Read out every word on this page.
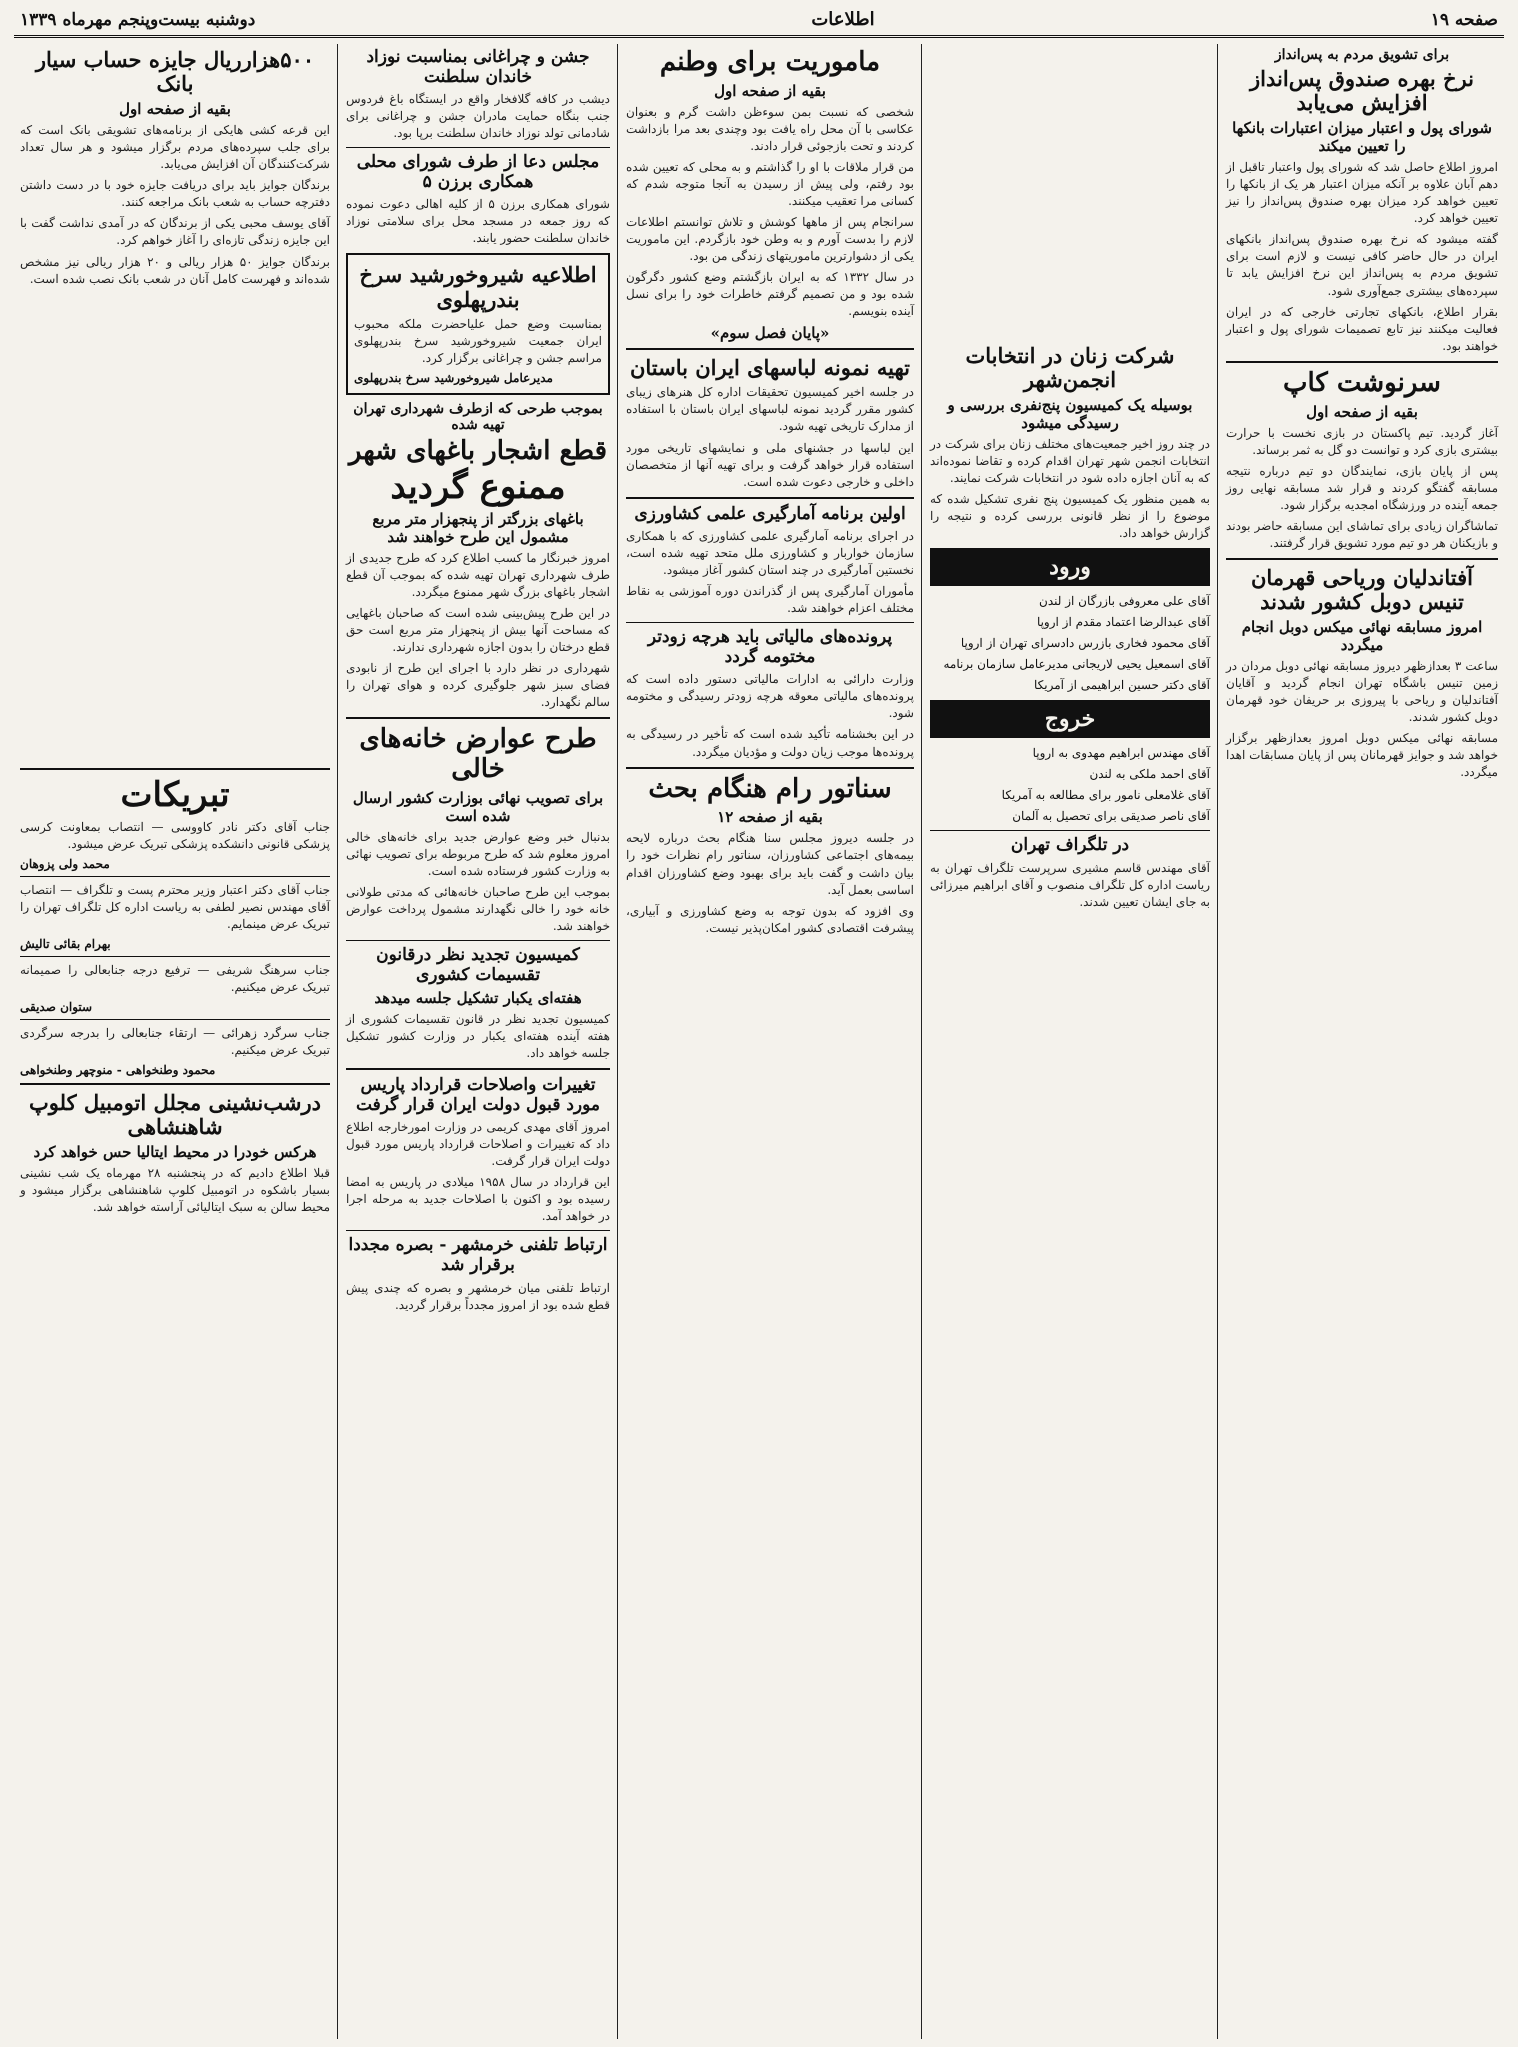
صفحه ۱۹
اطلاعات
دوشنبه بیست‌وپنجم مهرماه ۱۳۳۹
برای تشویق مردم به پس‌انداز
نرخ بهره صندوق پس‌انداز افزایش می‌یابد
شورای پول و اعتبار میزان اعتبارات بانکها را تعیین میکند

امروز اطلاع حاصل شد که شورای پول واعتبار تاقبل از دهم آبان علاوه بر آنکه میزان اعتبار هر یک از بانکها را تعیین خواهد کرد میزان بهره صندوق پس‌انداز را نیز تعیین خواهد کرد.

گفته میشود که نرخ بهره صندوق پس‌انداز بانکهای ایران در حال حاضر کافی نیست و لازم است برای تشویق مردم به پس‌انداز این نرخ افزایش یابد تا سپرده‌های بیشتری جمع‌آوری شود.

بقرار اطلاع، بانکهای تجارتی خارجی که در ایران فعالیت میکنند نیز تابع تصمیمات شورای پول و اعتبار خواهند بود.

سرنوشت کاپ
بقیه از صفحه اول

آغاز گردید. تیم پاکستان در بازی نخست با حرارت بیشتری بازی کرد و توانست دو گل به ثمر برساند.

پس از پایان بازی، نمایندگان دو تیم درباره نتیجه مسابقه گفتگو کردند و قرار شد مسابقه نهایی روز جمعه آینده در ورزشگاه امجدیه برگزار شود.

تماشاگران زیادی برای تماشای این مسابقه حاضر بودند و بازیکنان هر دو تیم مورد تشویق قرار گرفتند.

آفتاندلیان وریاحی قهرمان تنیس دوبل کشور شدند
امروز مسابقه نهائی میکس دوبل انجام میگردد

ساعت ۳ بعدازظهر دیروز مسابقه نهائی دوبل مردان در زمین تنیس باشگاه تهران انجام گردید و آقایان آفتاندلیان و ریاحی با پیروزی بر حریفان خود قهرمان دوبل کشور شدند.

مسابقه نهائی میکس دوبل امروز بعدازظهر برگزار خواهد شد و جوایز قهرمانان پس از پایان مسابقات اهدا میگردد.

شرکت زنان در انتخابات انجمن‌شهر
بوسیله یک کمیسیون پنج‌نفری بررسی و رسیدگی میشود

در چند روز اخیر جمعیت‌های مختلف زنان برای شرکت در انتخابات انجمن شهر تهران اقدام کرده و تقاضا نموده‌اند که به آنان اجازه داده شود در انتخابات شرکت نمایند.

به همین منظور یک کمیسیون پنج نفری تشکیل شده که موضوع را از نظر قانونی بررسی کرده و نتیجه را گزارش خواهد داد.

ورود
آقای علی معروفی بازرگان از لندن
آقای عبدالرضا اعتماد مقدم از اروپا
آقای محمود فخاری بازرس دادسرای تهران از اروپا
آقای اسمعیل یحیی لاریجانی مدیرعامل سازمان برنامه
آقای دکتر حسین ابراهیمی از آمریکا
خروج
آقای مهندس ابراهیم مهدوی به اروپا
آقای احمد ملکی به لندن
آقای غلامعلی نامور برای مطالعه به آمریکا
آقای ناصر صدیقی برای تحصیل به آلمان
در تلگراف تهران

آقای مهندس قاسم مشیری سرپرست تلگراف تهران به ریاست اداره کل تلگراف منصوب و آقای ابراهیم میرزائی به جای ایشان تعیین شدند.

ماموریت برای وطنم
بقیه از صفحه اول

شخصی که نسبت بمن سوءظن داشت گرم و بعنوان عکاسی با آن محل راه یافت بود وچندی بعد مرا بازداشت کردند و تحت بازجوئی قرار دادند.

من قرار ملاقات با او را گذاشتم و به محلی که تعیین شده بود رفتم، ولی پیش از رسیدن به آنجا متوجه شدم که کسانی مرا تعقیب میکنند.

سرانجام پس از ماهها کوشش و تلاش توانستم اطلاعات لازم را بدست آورم و به وطن خود بازگردم. این ماموریت یکی از دشوارترین ماموریتهای زندگی من بود.

در سال ۱۳۳۲ که به ایران بازگشتم وضع کشور دگرگون شده بود و من تصمیم گرفتم خاطرات خود را برای نسل آینده بنویسم.

«پایان فصل سوم»
تهیه نمونه لباسهای ایران باستان

در جلسه اخیر کمیسیون تحقیقات اداره کل هنرهای زیبای کشور مقرر گردید نمونه لباسهای ایران باستان با استفاده از مدارک تاریخی تهیه شود.

این لباسها در جشنهای ملی و نمایشهای تاریخی مورد استفاده قرار خواهد گرفت و برای تهیه آنها از متخصصان داخلی و خارجی دعوت شده است.

اولین برنامه آمارگیری علمی کشاورزی

در اجرای برنامه آمارگیری علمی کشاورزی که با همکاری سازمان خواربار و کشاورزی ملل متحد تهیه شده است، نخستین آمارگیری در چند استان کشور آغاز میشود.

مأموران آمارگیری پس از گذراندن دوره آموزشی به نقاط مختلف اعزام خواهند شد.

پرونده‌های مالیاتی باید هرچه زودتر مختومه گردد

وزارت دارائی به ادارات مالیاتی دستور داده است که پرونده‌های مالیاتی معوقه هرچه زودتر رسیدگی و مختومه شود.

در این بخشنامه تأکید شده است که تأخیر در رسیدگی به پرونده‌ها موجب زیان دولت و مؤدیان میگردد.

سناتور رام هنگام بحث
بقیه از صفحه ۱۲

در جلسه دیروز مجلس سنا هنگام بحث درباره لایحه بیمه‌های اجتماعی کشاورزان، سناتور رام نظرات خود را بیان داشت و گفت باید برای بهبود وضع کشاورزان اقدام اساسی بعمل آید.

وی افزود که بدون توجه به وضع کشاورزی و آبیاری، پیشرفت اقتصادی کشور امکان‌پذیر نیست.

جشن و چراغانی بمناسبت نوزاد خاندان سلطنت

دیشب در کافه گلافخار واقع در ایستگاه باغ فردوس جنب بنگاه حمایت مادران جشن و چراغانی برای شادمانی تولد نوزاد خاندان سلطنت برپا بود.

مجلس دعا از طرف شورای محلی همکاری برزن ۵

شورای همکاری برزن ۵ از کلیه اهالی دعوت نموده که روز جمعه در مسجد محل برای سلامتی نوزاد خاندان سلطنت حضور یابند.

اطلاعیه شیروخورشید سرخ بندرپهلوی

بمناسبت وضع حمل علیاحضرت ملکه محبوب ایران جمعیت شیروخورشید سرخ بندرپهلوی مراسم جشن و چراغانی برگزار کرد.

مدیرعامل شیروخورشید سرخ بندرپهلوی
بموجب طرحی که ازطرف شهرداری تهران تهیه شده
قطع اشجار باغهای شهر
ممنوع گردید
باغهای بزرگتر از پنجهزار متر مربع مشمول این طرح خواهند شد

امروز خبرنگار ما کسب اطلاع کرد که طرح جدیدی از طرف شهرداری تهران تهیه شده که بموجب آن قطع اشجار باغهای بزرگ شهر ممنوع میگردد.

در این طرح پیش‌بینی شده است که صاحبان باغهایی که مساحت آنها بیش از پنجهزار متر مربع است حق قطع درختان را بدون اجازه شهرداری ندارند.

شهرداری در نظر دارد با اجرای این طرح از نابودی فضای سبز شهر جلوگیری کرده و هوای تهران را سالم نگهدارد.

طرح عوارض خانه‌های خالی
برای تصویب نهائی بوزارت کشور ارسال شده است

بدنبال خبر وضع عوارض جدید برای خانه‌های خالی امروز معلوم شد که طرح مربوطه برای تصویب نهائی به وزارت کشور فرستاده شده است.

بموجب این طرح صاحبان خانه‌هائی که مدتی طولانی خانه خود را خالی نگهدارند مشمول پرداخت عوارض خواهند شد.

کمیسیون تجدید نظر درقانون تقسیمات کشوری
هفته‌ای یکبار تشکیل جلسه میدهد

کمیسیون تجدید نظر در قانون تقسیمات کشوری از هفته آینده هفته‌ای یکبار در وزارت کشور تشکیل جلسه خواهد داد.

تغییرات واصلاحات قرارداد پاریس مورد قبول دولت ایران قرار گرفت

امروز آقای مهدی کریمی در وزارت امورخارجه اطلاع داد که تغییرات و اصلاحات قرارداد پاریس مورد قبول دولت ایران قرار گرفت.

این قرارداد در سال ۱۹۵۸ میلادی در پاریس به امضا رسیده بود و اکنون با اصلاحات جدید به مرحله اجرا در خواهد آمد.

ارتباط تلفنی خرمشهر - بصره مجددا برقرار شد

ارتباط تلفنی میان خرمشهر و بصره که چندی پیش قطع شده بود از امروز مجدداً برقرار گردید.

۵۰۰هزارریال جایزه حساب سیار بانک
بقیه از صفحه اول

این قرعه کشی هایکی از برنامه‌های تشویقی بانک است که برای جلب سپرده‌های مردم برگزار میشود و هر سال تعداد شرکت‌کنندگان آن افزایش می‌یابد.

برندگان جوایز باید برای دریافت جایزه خود با در دست داشتن دفترچه حساب به شعب بانک مراجعه کنند.

آقای یوسف محبی یکی از برندگان که در آمدی نداشت گفت با این جایزه زندگی تازه‌ای را آغاز خواهم کرد.

برندگان جوایز ۵۰ هزار ریالی و ۲۰ هزار ریالی نیز مشخص شده‌اند و فهرست کامل آنان در شعب بانک نصب شده است.

تبریکات

جناب آقای دکتر نادر کاووسی — انتصاب بمعاونت کرسی پزشکی قانونی دانشکده پزشکی تبریک عرض میشود.

محمد ولی پزوهان

جناب آقای دکتر اعتبار وزیر محترم پست و تلگراف — انتصاب آقای مهندس نصیر لطفی به ریاست اداره کل تلگراف تهران را تبریک عرض مینمایم.

بهرام بقائی تالیش

جناب سرهنگ شریفی — ترفیع درجه جنابعالی را صمیمانه تبریک عرض میکنیم.

ستوان صدیقی

جناب سرگرد زهرائی — ارتقاء جنابعالی را بدرجه سرگردی تبریک عرض میکنیم.

محمود وطنخواهی - منوچهر وطنخواهی
درشب‌نشینی مجلل اتومبیل کلوپ شاهنشاهی
هرکس خودرا در محیط ایتالیا حس خواهد کرد

قبلا اطلاع دادیم که در پنجشنبه ۲۸ مهرماه یک شب نشینی بسیار باشکوه در اتومبیل کلوپ شاهنشاهی برگزار میشود و محیط سالن به سبک ایتالیائی آراسته خواهد شد.
